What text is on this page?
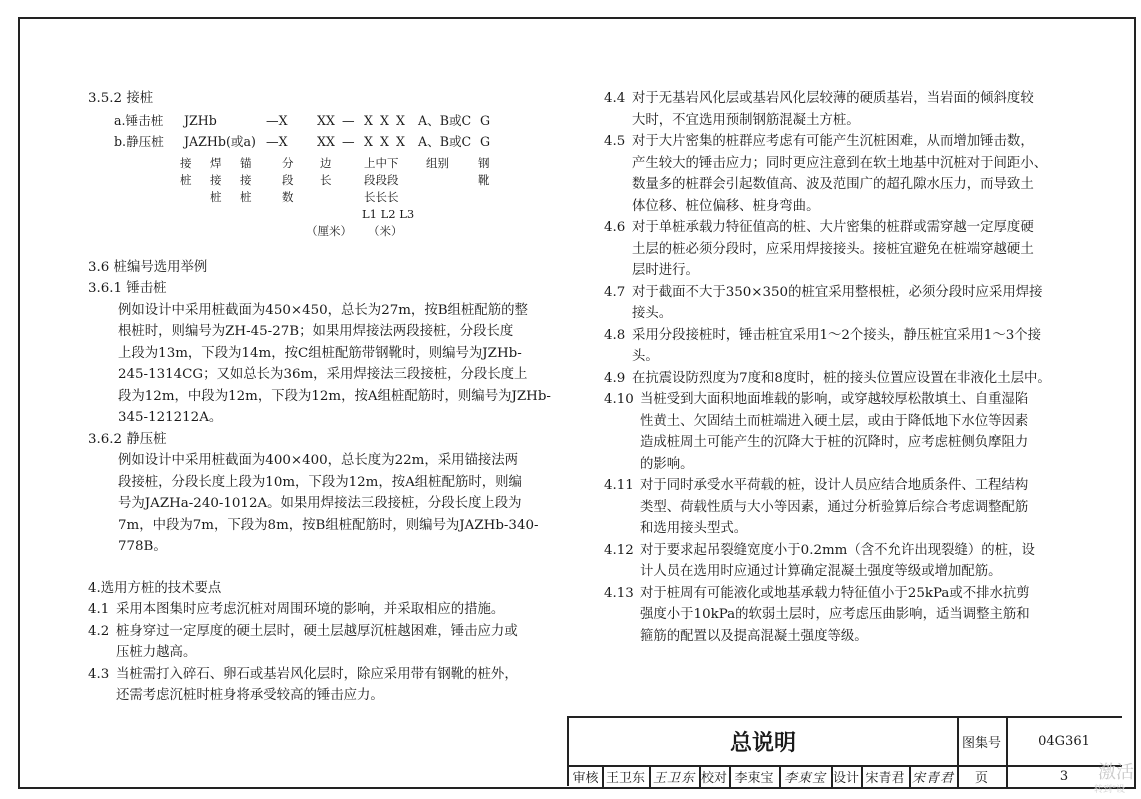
3.5.2 接桩
a.锤击桩 JZHb	—X XX — X X X A、B或C G
b.静压桩 JAZHb(或a) —X XX — X X X A、B或C G
接 焊 锚	分 边	上中下 组别	钢
桩 接 接	段 长	段段段	靴
桩 桩	数	长长长
L1 L2 L3
（厘米） （米）
3.6 桩编号选用举例
3.6.1 锤击桩
例如设计中采用桩截面为450×450，总长为27m，按B组桩配筋的整
根桩时，则编号为ZH-45-27B；如果用焊接法两段接桩，分段长度
上段为13m，下段为14m，按C组桩配筋带钢靴时，则编号为JZHb-
245-1314CG；又如总长为36m，采用焊接法三段接桩，分段长度上
段为12m，中段为12m，下段为12m，按A组桩配筋时，则编号为JZHb-
345-121212A。
3.6.2 静压桩
例如设计中采用桩截面为400×400，总长度为22m，采用锚接法两
段接桩，分段长度上段为10m，下段为12m，按A组桩配筋时，则编
号为JAZHa-240-1012A。如果用焊接法三段接桩，分段长度上段为
7m，中段为7m，下段为8m，按B组桩配筋时，则编号为JAZHb-340-
778B。
4.选用方桩的技术要点
4.1 采用本图集时应考虑沉桩对周围环境的影响，并采取相应的措施。
4.2 桩身穿过一定厚度的硬土层时，硬土层越厚沉桩越困难，锤击应力或
压桩力越高。
4.3 当桩需打入碎石、卵石或基岩风化层时，除应采用带有钢靴的桩外，
还需考虑沉桩时桩身将承受较高的锤击应力。
4.4 对于无基岩风化层或基岩风化层较薄的硬质基岩，当岩面的倾斜度较
大时，不宜选用预制钢筋混凝土方桩。
4.5 对于大片密集的桩群应考虑有可能产生沉桩困难，从而增加锤击数，
产生较大的锤击应力；同时更应注意到在软土地基中沉桩对于间距小、
数量多的桩群会引起数值高、波及范围广的超孔隙水压力，而导致土
体位移、桩位偏移、桩身弯曲。
4.6 对于单桩承载力特征值高的桩、大片密集的桩群或需穿越一定厚度硬
土层的桩必须分段时，应采用焊接接头。接桩宜避免在桩端穿越硬土
层时进行。
4.7 对于截面不大于350×350的桩宜采用整根桩，必须分段时应采用焊接
接头。
4.8 采用分段接桩时，锤击桩宜采用1～2个接头，静压桩宜采用1～3个接
头。
4.9 在抗震设防烈度为7度和8度时，桩的接头位置应设置在非液化土层中。
4.10 当桩受到大面积地面堆载的影响，或穿越较厚松散填土、自重湿陷
性黄土、欠固结土而桩端进入硬土层，或由于降低地下水位等因素
造成桩周土可能产生的沉降大于桩的沉降时，应考虑桩侧负摩阻力
的影响。
4.11 对于同时承受水平荷载的桩，设计人员应结合地质条件、工程结构
类型、荷载性质与大小等因素，通过分析验算后综合考虑调整配筋
和选用接头型式。
4.12 对于要求起吊裂缝宽度小于0.2mm（含不允许出现裂缝）的桩，设
计人员在选用时应通过计算确定混凝土强度等级或增加配筋。
4.13 对于桩周有可能液化或地基承载力特征值小于25kPa或不排水抗剪
强度小于10kPa的软弱土层时，应考虑压曲影响，适当调整主筋和
箍筋的配置以及提高混凝土强度等级。
总说明	图集号	04G361
审核 王卫东 王卫东 校对 李束宝 李束宝 设计 宋青君 宋青君	页	3	激活
转到"设
